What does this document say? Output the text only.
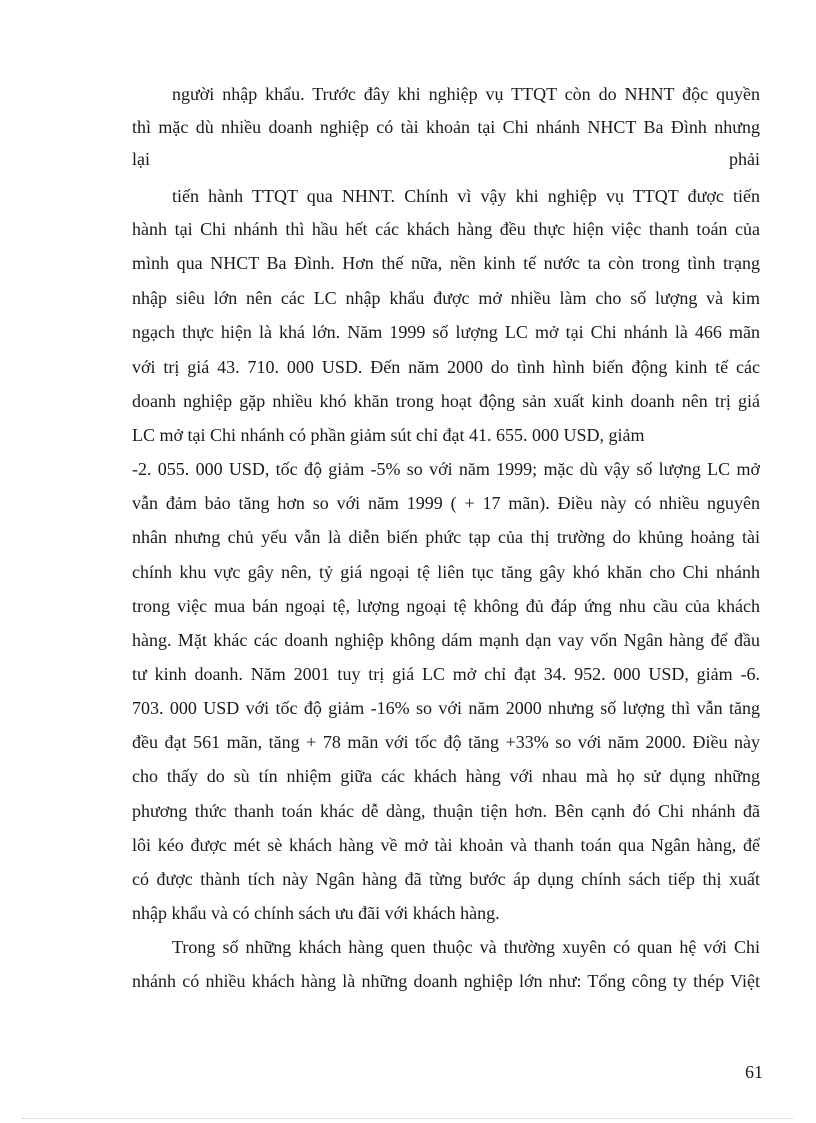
người nhập khẩu. Trước đây khi nghiệp vụ TTQT còn do NHNT độc quyền
thì mặc dù nhiều doanh nghiệp có tài khoản tại Chi nhánh NHCT Ba Đình nhưng
lại	phải
tiến hành TTQT qua NHNT. Chính vì vậy khi nghiệp vụ TTQT được tiến
hành tại Chi nhánh thì hầu hết các khách hàng đều thực hiện việc thanh toán của
mình qua NHCT Ba Đình. Hơn thế nữa, nền kinh tế nước ta còn trong tình trạng
nhập siêu lớn nên các LC nhập khẩu được mở nhiều làm cho số lượng và kim
ngạch thực hiện là khá lớn. Năm 1999 số lượng LC mở tại Chi nhánh là 466 mãn
với trị giá 43. 710. 000 USD. Đến năm 2000 do tình hình biến động kinh tế các
doanh nghiệp gặp nhiều khó khăn trong hoạt động sản xuất kinh doanh nên trị giá
LC mở tại Chi nhánh có phần giảm sút chỉ đạt 41. 655. 000 USD, giảm
-2. 055. 000 USD, tốc độ giảm -5% so với năm 1999; mặc dù vậy số lượng LC mở
vẫn đảm bảo tăng hơn so với năm 1999 ( + 17 mãn). Điều này có nhiều nguyên
nhân nhưng chủ yếu vẫn là diễn biến phức tạp của thị trường do khủng hoảng tài
chính khu vực gây nên, tỷ giá ngoại tệ liên tục tăng gây khó khăn cho Chi nhánh
trong việc mua bán ngoại tệ, lượng ngoại tệ không đủ đáp ứng nhu cầu của khách
hàng. Mặt khác các doanh nghiệp không dám mạnh dạn vay vốn Ngân hàng để đầu
tư kinh doanh. Năm 2001 tuy trị giá LC mở chỉ đạt 34. 952. 000 USD, giảm -6.
703. 000 USD với tốc độ giảm -16% so với năm 2000 nhưng số lượng thì vẫn tăng
đều đạt 561 mãn, tăng + 78 mãn với tốc độ tăng +33% so với năm 2000. Điều này
cho thấy do sù tín nhiệm giữa các khách hàng với nhau mà họ sử dụng những
phương thức thanh toán khác dễ dàng, thuận tiện hơn. Bên cạnh đó Chi nhánh đã
lôi kéo được mét sè khách hàng về mở tài khoản và thanh toán qua Ngân hàng, để
có được thành tích này Ngân hàng đã từng bước áp dụng chính sách tiếp thị xuất
nhập khẩu và có chính sách ưu đãi với khách hàng.
Trong số những khách hàng quen thuộc và thường xuyên có quan hệ với Chi
nhánh có nhiều khách hàng là những doanh nghiệp lớn như: Tổng công ty thép Việt
61
